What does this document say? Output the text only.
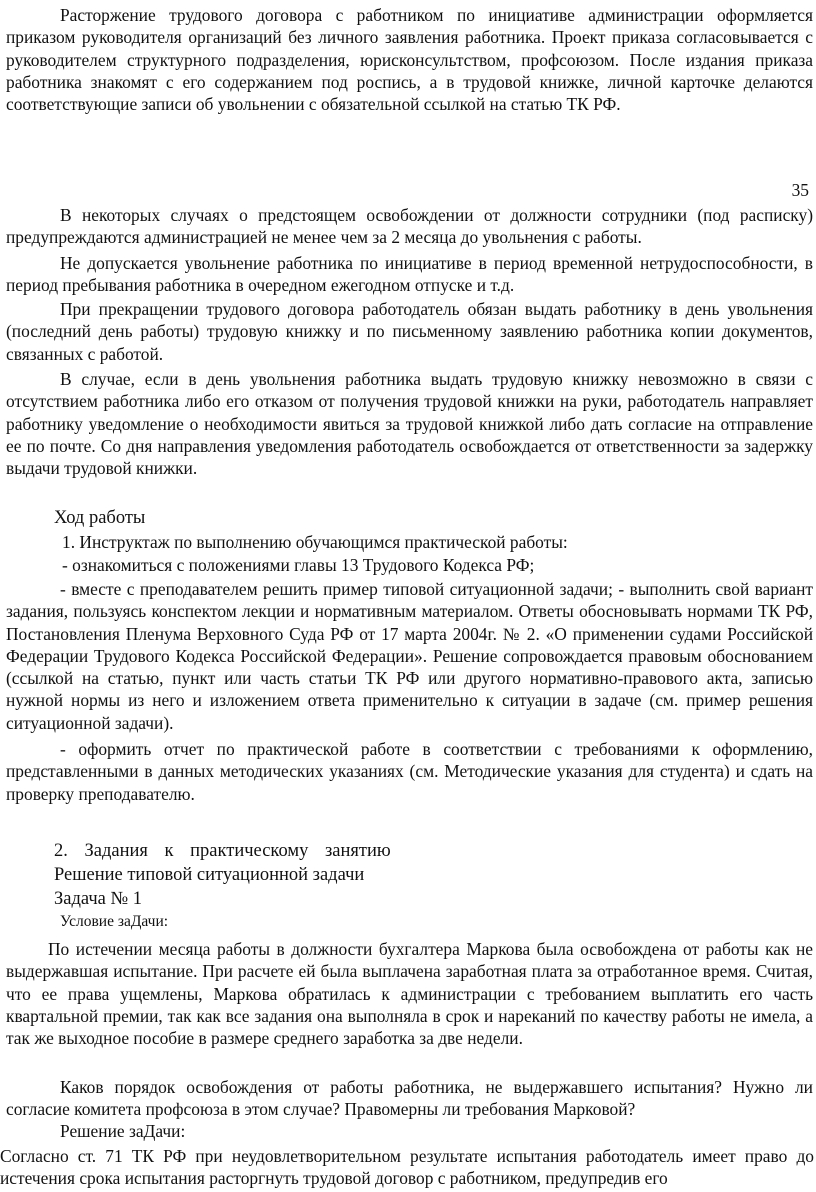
Расторжение трудового договора с работником по инициативе администрации оформляется приказом руководителя организаций без личного заявления работника. Проект приказа согласовывается с руководителем структурного подразделения, юрисконсультством, профсоюзом. После издания приказа работника знакомят с его содержанием под роспись, а в трудовой книжке, личной карточке делаются соответствующие записи об увольнении с обязательной ссылкой на статью ТК РФ.

35

В некоторых случаях о предстоящем освобождении от должности сотрудники (под расписку) предупреждаются администрацией не менее чем за 2 месяца до увольнения с работы.

Не допускается увольнение работника по инициативе в период временной нетрудоспособности, в период пребывания работника в очередном ежегодном отпуске и т.д.

При прекращении трудового договора работодатель обязан выдать работнику в день увольнения (последний день работы) трудовую книжку и по письменному заявлению работника копии документов, связанных с работой.

В случае, если в день увольнения работника выдать трудовую книжку невозможно в связи с отсутствием работника либо его отказом от получения трудовой книжки на руки, работодатель направляет работнику уведомление о необходимости явиться за трудовой книжкой либо дать согласие на отправление ее по почте. Со дня направления уведомления работодатель освобождается от ответственности за задержку выдачи трудовой книжки.

Ход работы

1. Инструктаж по выполнению обучающимся практической работы:

- ознакомиться с положениями главы 13 Трудового Кодекса РФ;

- вместе с преподавателем решить пример типовой ситуационной задачи; - выполнить свой вариант задания, пользуясь конспектом лекции и нормативным материалом. Ответы обосновывать нормами ТК РФ, Постановления Пленума Верховного Суда РФ от 17 марта 2004г. № 2. «О применении судами Российской Федерации Трудового Кодекса Российской Федерации». Решение сопровождается правовым обоснованием (ссылкой на статью, пункт или часть статьи ТК РФ или другого нормативно-правового акта, записью нужной нормы из него и изложением ответа применительно к ситуации в задаче (см. пример решения ситуационной задачи).

- оформить отчет по практической работе в соответствии с требованиями к оформлению, представленными в данных методических указаниях (см. Методические указания для студента) и сдать на проверку преподавателю.

2. Задания к практическому занятию
Решение типовой ситуационной задачи
Задача № 1
Условие заДачи:

По истечении месяца работы в должности бухгалтера Маркова была освобождена от работы как не выдержавшая испытание. При расчете ей была выплачена заработная плата за отработанное время. Считая, что ее права ущемлены, Маркова обратилась к администрации с требованием выплатить его часть квартальной премии, так как все задания она выполняла в срок и нареканий по качеству работы не имела, а так же выходное пособие в размере среднего заработка за две недели.

Каков порядок освобождения от работы работника, не выдержавшего испытания? Нужно ли согласие комитета профсоюза в этом случае? Правомерны ли требования Марковой?

Решение заДачи:

Согласно ст. 71 ТК РФ при неудовлетворительном результате испытания работодатель имеет право до истечения срока испытания расторгнуть трудовой договор с работником, предупредив его
